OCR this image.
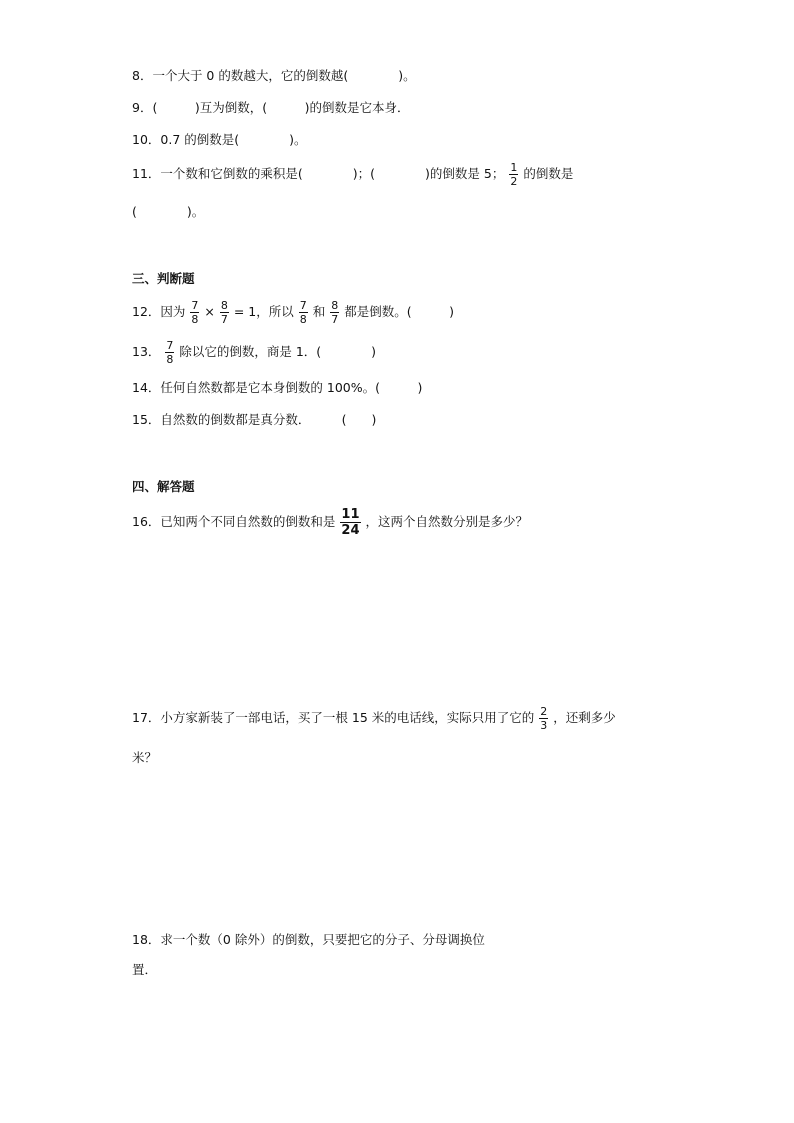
8．一个大于 0 的数越大，它的倒数越(　　　　)。
9．(　　　)互为倒数，(　　　)的倒数是它本身．
10．0.7 的倒数是(　　　　)。
11．一个数和它倒数的乘积是(　　　　)；(　　　　)的倒数是 5； $\frac{1}{2}$ 的倒数是
(　　　　)。
三、判断题
12．因为 $\frac{7}{8} \times \frac{8}{7} = 1$，所以 $\frac{7}{8}$ 和 $\frac{8}{7}$ 都是倒数。(　　　)
13． $\frac{7}{8}$ 除以它的倒数，商是 1．(　　　　)
14．任何自然数都是它本身倒数的 100%。(　　　)
15．自然数的倒数都是真分数．　　　(　　)
四、解答题
16．已知两个不同自然数的倒数和是 $\frac{11}{24}$ ，这两个自然数分别是多少？
17．小方家新装了一部电话，买了一根 15 米的电话线，实际只用了它的 $\frac{2}{3}$ ，还剩多少
米？
18．求一个数（0 除外）的倒数，只要把它的分子、分母调换位
置．
